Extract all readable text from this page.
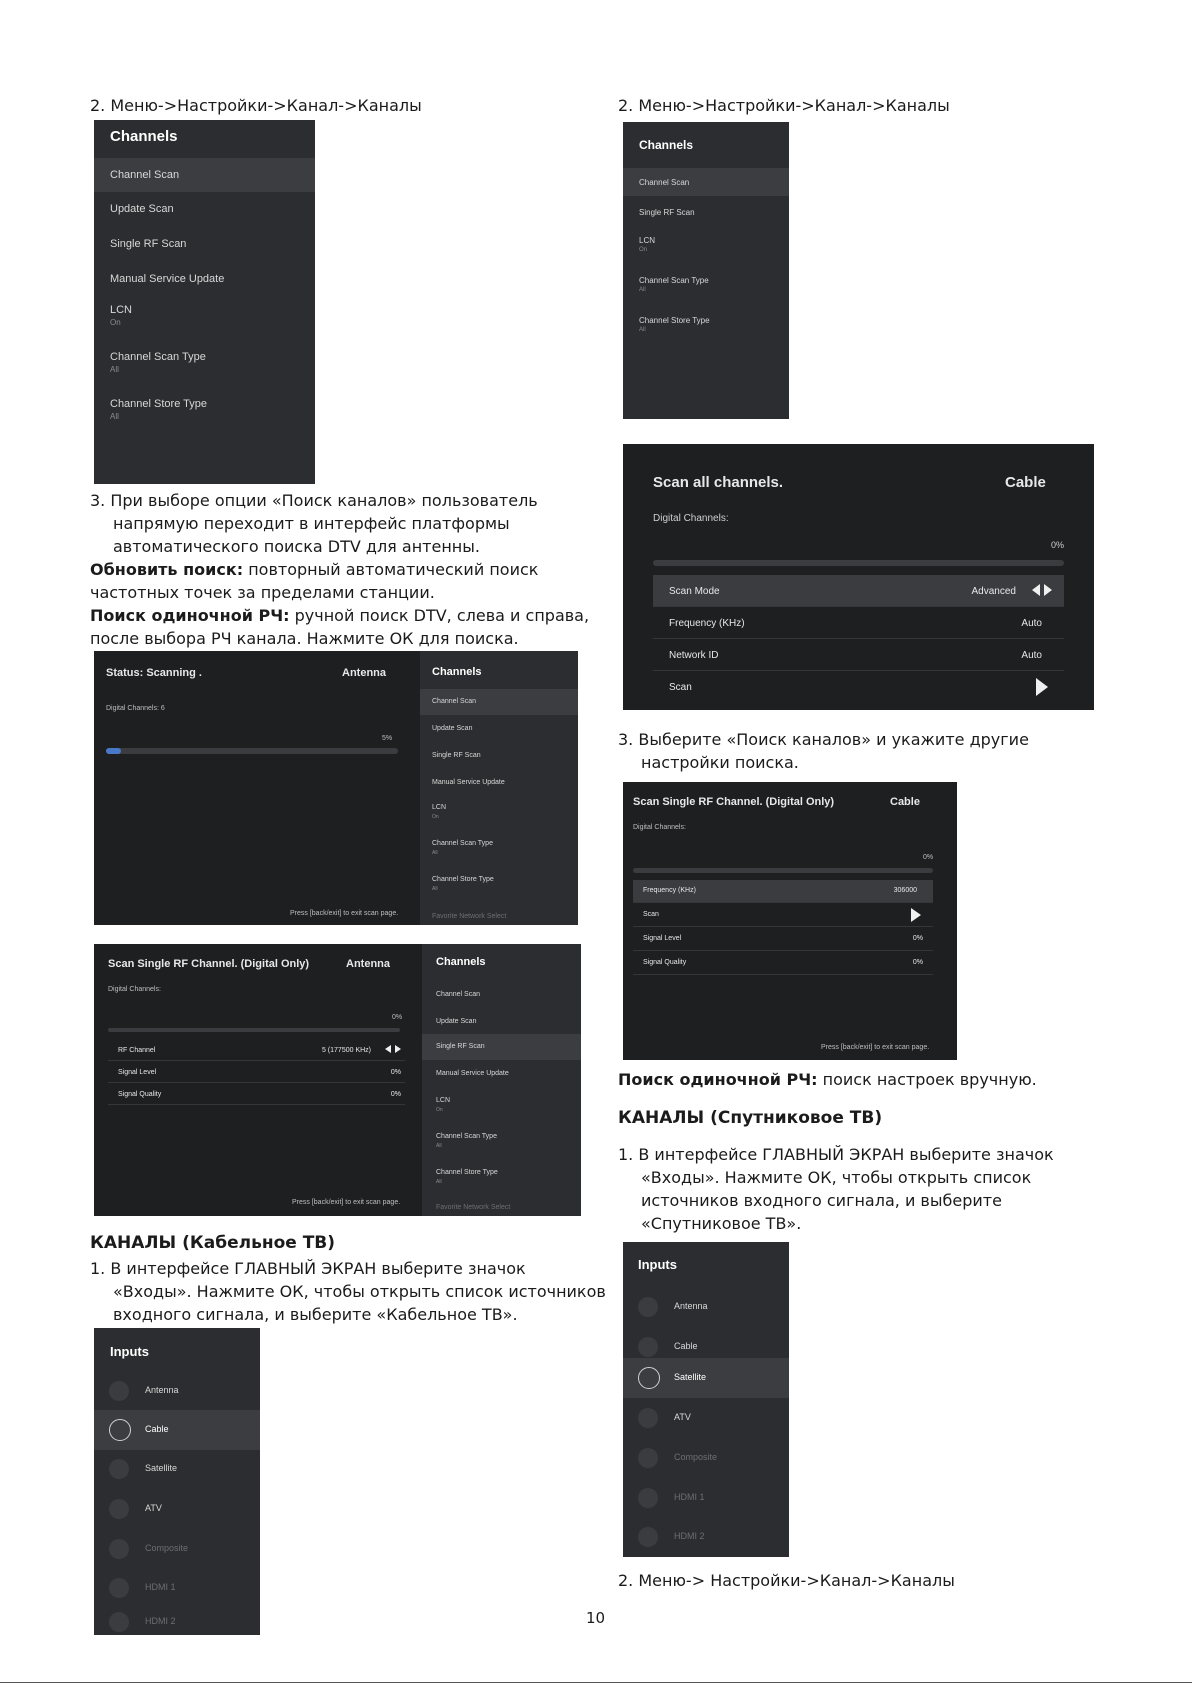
2. Меню->Настройки->Канал->Каналы
Channels
Channel Scan
Update Scan
Single RF Scan
Manual Service Update
LCN
On
Channel Scan Type
All
Channel Store Type
All
3. При выборе опции «Поиск каналов» пользователь
напрямую переходит в интерфейс платформы
автоматического поиска DTV для антенны.
Обновить поиск: повторный автоматический поиск
частотных точек за пределами станции.
Поиск одиночной РЧ: ручной поиск DTV, слева и справа,
после выбора РЧ канала. Нажмите ОК для поиска.
Status: Scanning .	Antenna
Digital Channels: 6
5%
Press [back/exit] to exit scan page.
Channels
Channel Scan
Update Scan
Single RF Scan
Manual Service Update
LCN
On
Channel Scan Type
All
Channel Store Type
All
Favorite Network Select
Scan Single RF Channel. (Digital Only)	Antenna
Digital Channels:
0%
RF Channel	5 (177500 KHz)
Signal Level	0%
Signal Quality	0%
Press [back/exit] to exit scan page.
Channels
Channel Scan
Update Scan
Single RF Scan
Manual Service Update
LCN
On
Channel Scan Type
All
Channel Store Type
All
Favorite Network Select
КАНАЛЫ (Кабельное ТВ)
1. В интерфейсе ГЛАВНЫЙ ЭКРАН выберите значок
«Входы». Нажмите ОК, чтобы открыть список источников
входного сигнала, и выберите «Кабельное ТВ».
Inputs
Antenna
Cable
Satellite
ATV
Composite
HDMI 1
HDMI 2
2. Меню->Настройки->Канал->Каналы
Channels
Channel Scan
Single RF Scan
LCN
On
Channel Scan Type
All
Channel Store Type
All
Scan all channels.	Cable
Digital Channels:
0%
Scan Mode	Advanced
Frequency (KHz)	Auto
Network ID	Auto
Scan
3. Выберите «Поиск каналов» и укажите другие
настройки поиска.
Scan Single RF Channel. (Digital Only)	Cable
Digital Channels:
0%
Frequency (KHz)	306000
Scan
Signal Level	0%
Signal Quality	0%
Press [back/exit] to exit scan page.
Поиск одиночной РЧ: поиск настроек вручную.
КАНАЛЫ (Спутниковое ТВ)
1. В интерфейсе ГЛАВНЫЙ ЭКРАН выберите значок
«Входы». Нажмите ОК, чтобы открыть список
источников входного сигнала, и выберите
«Спутниковое ТВ».
Inputs
Antenna
Cable
Satellite
ATV
Composite
HDMI 1
HDMI 2
2. Меню-> Настройки->Канал->Каналы
10
